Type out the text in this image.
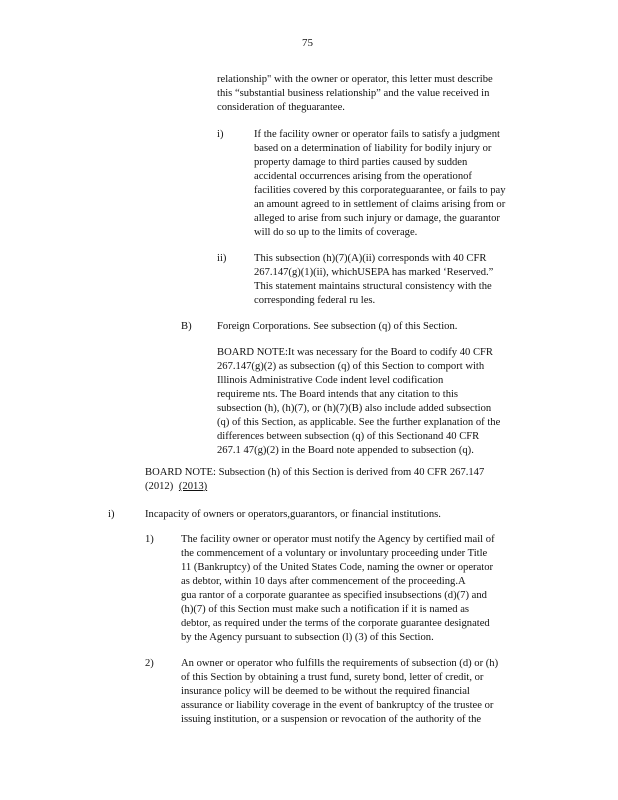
75
relationship" with the owner or operator, this letter must describe
this “substantial business relationship” and the value received in
consideration of theguarantee.
i)	If the facility owner or operator fails to satisfy a judgment
based on a determination of liability for bodily injury or
property damage to third parties caused by sudden
accidental occurrences arising from the operationof
facilities covered by this corporateguarantee, or fails to pay
an amount agreed to in settlement of claims arising from or
alleged to arise from such injury or damage, the guarantor
will do so up to the limits of coverage.
ii)	This subsection (h)(7)(A)(ii) corresponds with 40 CFR
267.147(g)(1)(ii), whichUSEPA has marked ‘Reserved.”
This statement maintains structural consistency with the
corresponding federal ru les.
B) Foreign Corporations. See subsection (q) of this Section.
BOARD NOTE:It was necessary for the Board to codify 40 CFR
267.147(g)(2) as subsection (q) of this Section to comport with
Illinois Administrative Code indent level codification
requireme nts. The Board intends that any citation to this
subsection (h), (h)(7), or (h)(7)(B) also include added subsection
(q) of this Section, as applicable. See the further explanation of the
differences between subsection (q) of this Sectionand 40 CFR
267.1 47(g)(2) in the Board note appended to subsection (q).
BOARD NOTE: Subsection (h) of this Section is derived from 40 CFR 267.147
(2012) (2013)
i)	Incapacity of owners or operators,guarantors, or financial institutions.
1)	The facility owner or operator must notify the Agency by certified mail of
the commencement of a voluntary or involuntary proceeding under Title
11 (Bankruptcy) of the United States Code, naming the owner or operator
as debtor, within 10 days after commencement of the proceeding.A
gua rantor of a corporate guarantee as specified insubsections (d)(7) and
(h)(7) of this Section must make such a notification if it is named as
debtor, as required under the terms of the corporate guarantee designated
by the Agency pursuant to subsection (l) (3) of this Section.
2)	An owner or operator who fulfills the requirements of subsection (d) or (h)
of this Section by obtaining a trust fund, surety bond, letter of credit, or
insurance policy will be deemed to be without the required financial
assurance or liability coverage in the event of bankruptcy of the trustee or
issuing institution, or a suspension or revocation of the authority of the
